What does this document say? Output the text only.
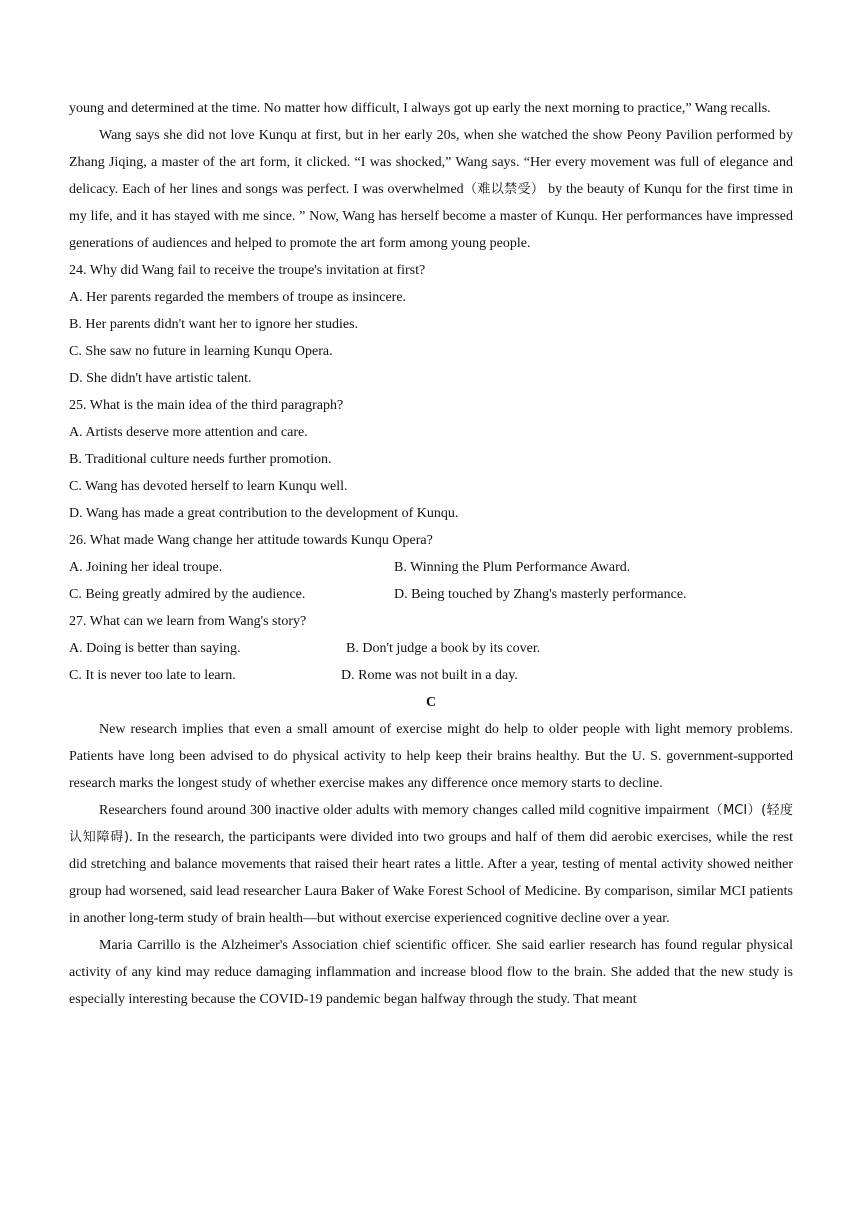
young and determined at the time. No matter how difficult, I always got up early the next morning to practice,” Wang recalls.

Wang says she did not love Kunqu at first, but in her early 20s, when she watched the show Peony Pavilion performed by Zhang Jiqing, a master of the art form, it clicked. “I was shocked,” Wang says. “Her every movement was full of elegance and delicacy. Each of her lines and songs was perfect. I was overwhelmed（难以禁受） by the beauty of Kunqu for the first time in my life, and it has stayed with me since. ” Now, Wang has herself become a master of Kunqu. Her performances have impressed generations of audiences and helped to promote the art form among young people.

24. Why did Wang fail to receive the troupe's invitation at first?

A. Her parents regarded the members of troupe as insincere.

B. Her parents didn't want her to ignore her studies.

C. She saw no future in learning Kunqu Opera.

D. She didn't have artistic talent.

25. What is the main idea of the third paragraph?

A. Artists deserve more attention and care.

B. Traditional culture needs further promotion.

C. Wang has devoted herself to learn Kunqu well.

D. Wang has made a great contribution to the development of Kunqu.

26. What made Wang change her attitude towards Kunqu Opera?

A. Joining her ideal troupe.	B. Winning the Plum Performance Award.
C. Being greatly admired by the audience.	D. Being touched by Zhang's masterly performance.

27. What can we learn from Wang's story?

A. Doing is better than saying.	B. Don't judge a book by its cover.
C. It is never too late to learn.	D. Rome was not built in a day.

C

New research implies that even a small amount of exercise might do help to older people with light memory problems. Patients have long been advised to do physical activity to help keep their brains healthy. But the U. S. government-supported research marks the longest study of whether exercise makes any difference once memory starts to decline.

Researchers found around 300 inactive older adults with memory changes called mild cognitive impairment（MCI）(轻度认知障碍). In the research, the participants were divided into two groups and half of them did aerobic exercises, while the rest did stretching and balance movements that raised their heart rates a little. After a year, testing of mental activity showed neither group had worsened, said lead researcher Laura Baker of Wake Forest School of Medicine. By comparison, similar MCI patients in another long-term study of brain health—but without exercise experienced cognitive decline over a year.

Maria Carrillo is the Alzheimer's Association chief scientific officer. She said earlier research has found regular physical activity of any kind may reduce damaging inflammation and increase blood flow to the brain. She added that the new study is especially interesting because the COVID-19 pandemic began halfway through the study. That meant
